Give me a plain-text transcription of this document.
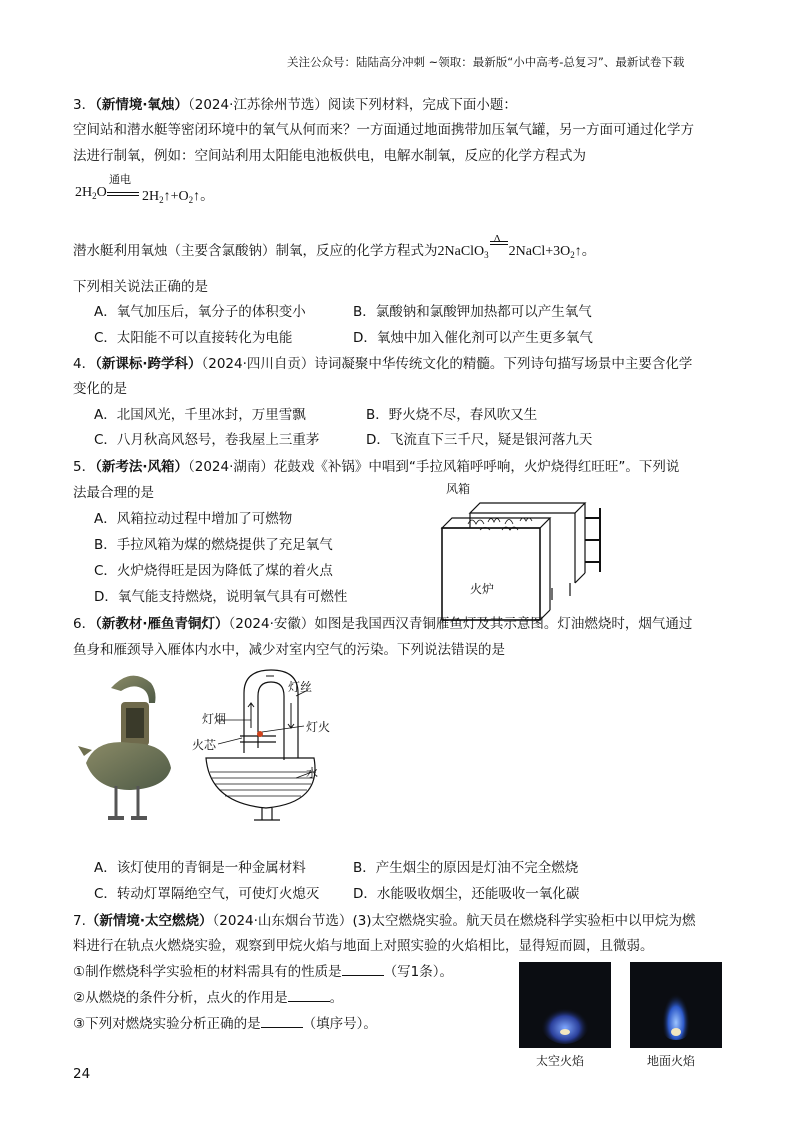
关注公众号：陆陆高分冲刺 ~领取：最新版“小中高考-总复习”、最新试卷下载
3．（新情境·氧烛）（2024·江苏徐州节选）阅读下列材料，完成下面小题：
空间站和潜水艇等密闭环境中的氧气从何而来？一方面通过地面携带加压氧气罐，另一方面可通过化学方
法进行制氧，例如：空间站利用太阳能电池板供电，电解水制氧，反应的化学方程式为
$2H_2O$
通电
$2H_2↑+O_2↑$。
潜水艇利用氧烛（主要含氯酸钠）制氧，反应的化学方程式为2NaClO$_3$
Δ
$2NaCl+3O_2↑$。
下列相关说法正确的是
A．氧气加压后，氧分子的体积变小	B．氯酸钠和氯酸钾加热都可以产生氧气
C．太阳能不可以直接转化为电能	D．氧烛中加入催化剂可以产生更多氧气
4．（新课标·跨学科）（2024·四川自贡）诗词凝聚中华传统文化的精髓。下列诗句描写场景中主要含化学
变化的是
A．北国风光，千里冰封，万里雪飘	B．野火烧不尽，春风吹又生
C．八月秋高风怒号，卷我屋上三重茅	D．飞流直下三千尺，疑是银河落九天
5．（新考法·风箱）（2024·湖南）花鼓戏《补锅》中唱到“手拉风箱呼呼响，火炉烧得红旺旺”。下列说
法最合理的是
A．风箱拉动过程中增加了可燃物
B．手拉风箱为煤的燃烧提供了充足氧气
C．火炉烧得旺是因为降低了煤的着火点
D．氧气能支持燃烧，说明氧气具有可燃性
风箱
火炉
6．（新教材·雁鱼青铜灯）（2024·安徽）如图是我国西汉青铜雁鱼灯及其示意图。灯油燃烧时，烟气通过
鱼身和雁颈导入雁体内水中，减少对室内空气的污染。下列说法错误的是
灯丝
灯烟
灯火
火芯
水
A．该灯使用的青铜是一种金属材料	B．产生烟尘的原因是灯油不完全燃烧
C．转动灯罩隔绝空气，可使灯火熄灭 D．水能吸收烟尘，还能吸收一氧化碳
7.（新情境·太空燃烧）（2024·山东烟台节选）(3)太空燃烧实验。航天员在燃烧科学实验柜中以甲烷为燃
料进行在轨点火燃烧实验，观察到甲烷火焰与地面上对照实验的火焰相比，显得短而圆，且微弱。
①制作燃烧科学实验柜的材料需具有的性质是	（写1条）。
②从燃烧的条件分析，点火的作用是	。
③下列对燃烧实验分析正确的是	（填序号）。
太空火焰	地面火焰
24
